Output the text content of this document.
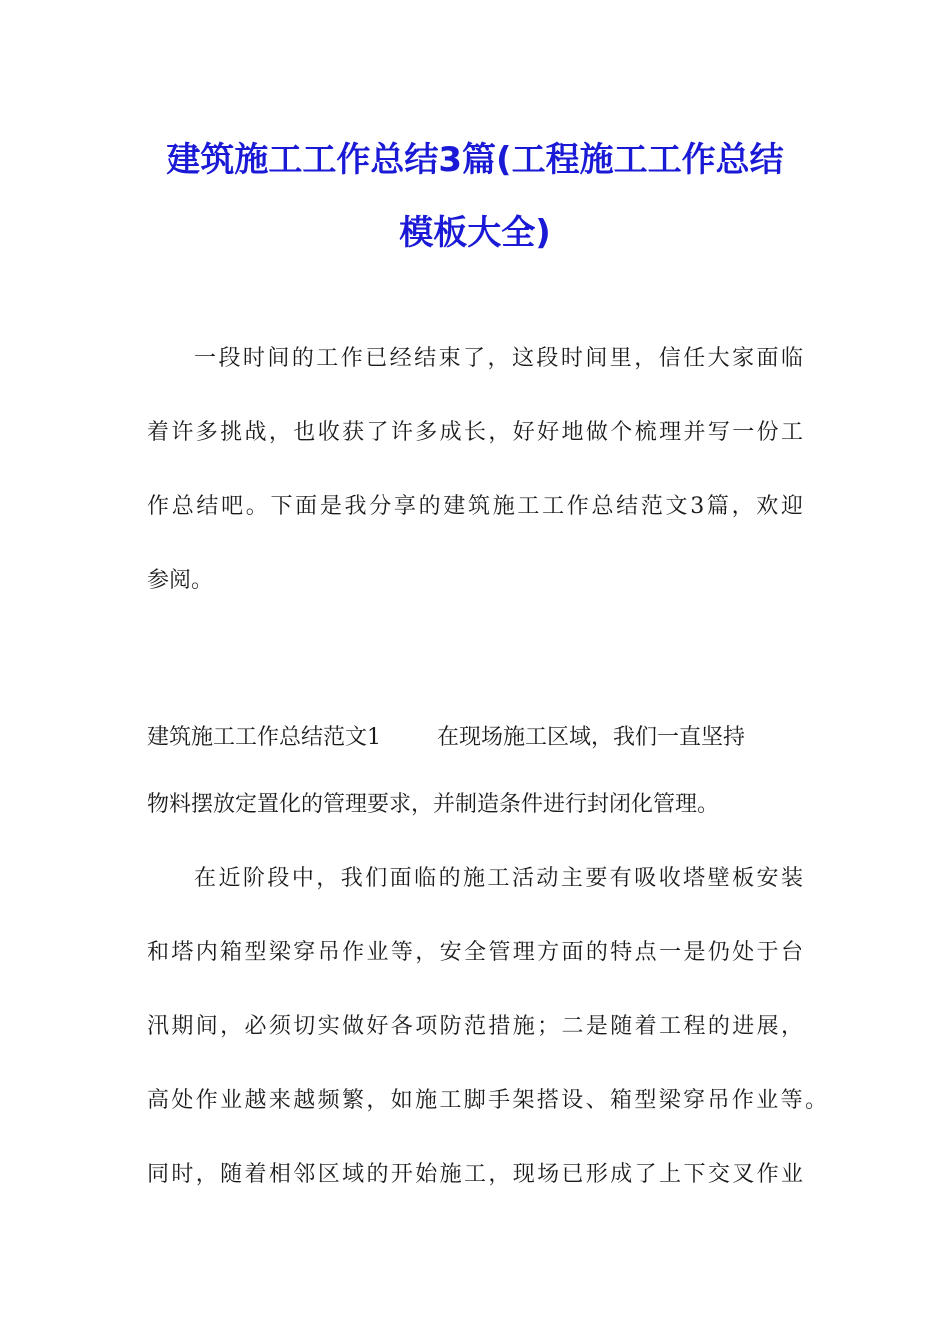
建筑施工工作总结3篇(工程施工工作总结
模板大全)
一段时间的工作已经结束了，这段时间里，信任大家面临
着许多挑战，也收获了许多成长，好好地做个梳理并写一份工
作总结吧。下面是我分享的建筑施工工作总结范文3篇，欢迎
参阅。
建筑施工工作总结范文1	在现场施工区域，我们一直坚持
物料摆放定置化的管理要求，并制造条件进行封闭化管理。
在近阶段中，我们面临的施工活动主要有吸收塔壁板安装
和塔内箱型梁穿吊作业等，安全管理方面的特点一是仍处于台
汛期间，必须切实做好各项防范措施；二是随着工程的进展，
高处作业越来越频繁，如施工脚手架搭设、箱型梁穿吊作业等。
同时，随着相邻区域的开始施工，现场已形成了上下交叉作业
